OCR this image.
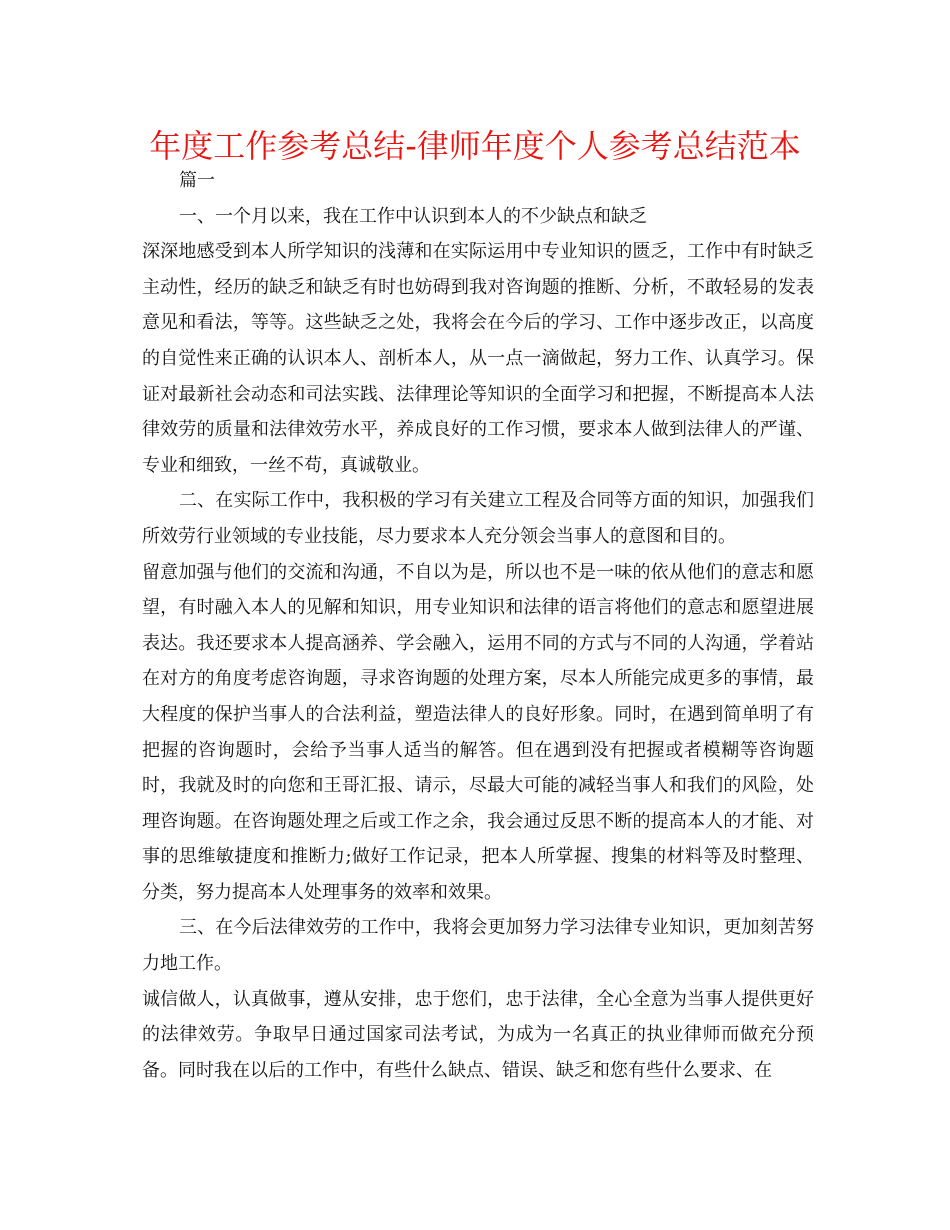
年度工作参考总结-律师年度个人参考总结范本

篇一

一、一个月以来，我在工作中认识到本人的不少缺点和缺乏

深深地感受到本人所学知识的浅薄和在实际运用中专业知识的匮乏，工作中有时缺乏主动性，经历的缺乏和缺乏有时也妨碍到我对咨询题的推断、分析，不敢轻易的发表意见和看法，等等。这些缺乏之处，我将会在今后的学习、工作中逐步改正，以高度的自觉性来正确的认识本人、剖析本人，从一点一滴做起，努力工作、认真学习。保证对最新社会动态和司法实践、法律理论等知识的全面学习和把握，不断提高本人法律效劳的质量和法律效劳水平，养成良好的工作习惯，要求本人做到法律人的严谨、专业和细致，一丝不苟，真诚敬业。

二、在实际工作中，我积极的学习有关建立工程及合同等方面的知识，加强我们所效劳行业领域的专业技能，尽力要求本人充分领会当事人的意图和目的。

留意加强与他们的交流和沟通，不自以为是，所以也不是一味的依从他们的意志和愿望，有时融入本人的见解和知识，用专业知识和法律的语言将他们的意志和愿望进展表达。我还要求本人提高涵养、学会融入，运用不同的方式与不同的人沟通，学着站在对方的角度考虑咨询题，寻求咨询题的处理方案，尽本人所能完成更多的事情，最大程度的保护当事人的合法利益，塑造法律人的良好形象。同时，在遇到简单明了有把握的咨询题时，会给予当事人适当的解答。但在遇到没有把握或者模糊等咨询题时，我就及时的向您和王哥汇报、请示，尽最大可能的减轻当事人和我们的风险，处理咨询题。在咨询题处理之后或工作之余，我会通过反思不断的提高本人的才能、对事的思维敏捷度和推断力;做好工作记录，把本人所掌握、搜集的材料等及时整理、分类，努力提高本人处理事务的效率和效果。

三、在今后法律效劳的工作中，我将会更加努力学习法律专业知识，更加刻苦努力地工作。

诚信做人，认真做事，遵从安排，忠于您们，忠于法律，全心全意为当事人提供更好的法律效劳。争取早日通过国家司法考试，为成为一名真正的执业律师而做充分预备。同时我在以后的工作中，有些什么缺点、错误、缺乏和您有些什么要求、在
